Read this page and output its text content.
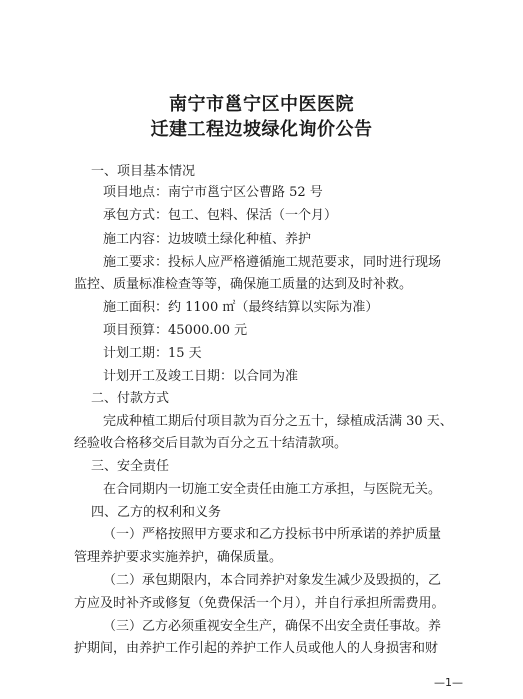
南宁市邕宁区中医医院
迁建工程边坡绿化询价公告
一、项目基本情况
项目地点：南宁市邕宁区公曹路 52 号
承包方式：包工、包料、保活（一个月）
施工内容：边坡喷土绿化种植、养护
施工要求：投标人应严格遵循施工规范要求，同时进行现场
监控、质量标准检查等等，确保施工质量的达到及时补救。
施工面积：约 1100 ㎡（最终结算以实际为准）
项目预算：45000.00 元
计划工期：15 天
计划开工及竣工日期：以合同为准
二、付款方式
完成种植工期后付项目款为百分之五十，绿植成活满 30 天、
经验收合格移交后目款为百分之五十结清款项。
三、安全责任
在合同期内一切施工安全责任由施工方承担，与医院无关。
四、乙方的权利和义务
（一）严格按照甲方要求和乙方投标书中所承诺的养护质量
管理养护要求实施养护，确保质量。
（二）承包期限内，本合同养护对象发生减少及毁损的，乙
方应及时补齐或修复（免费保活一个月），并自行承担所需费用。
（三）乙方必须重视安全生产，确保不出安全责任事故。养
护期间，由养护工作引起的养护工作人员或他人的人身损害和财
—1—
